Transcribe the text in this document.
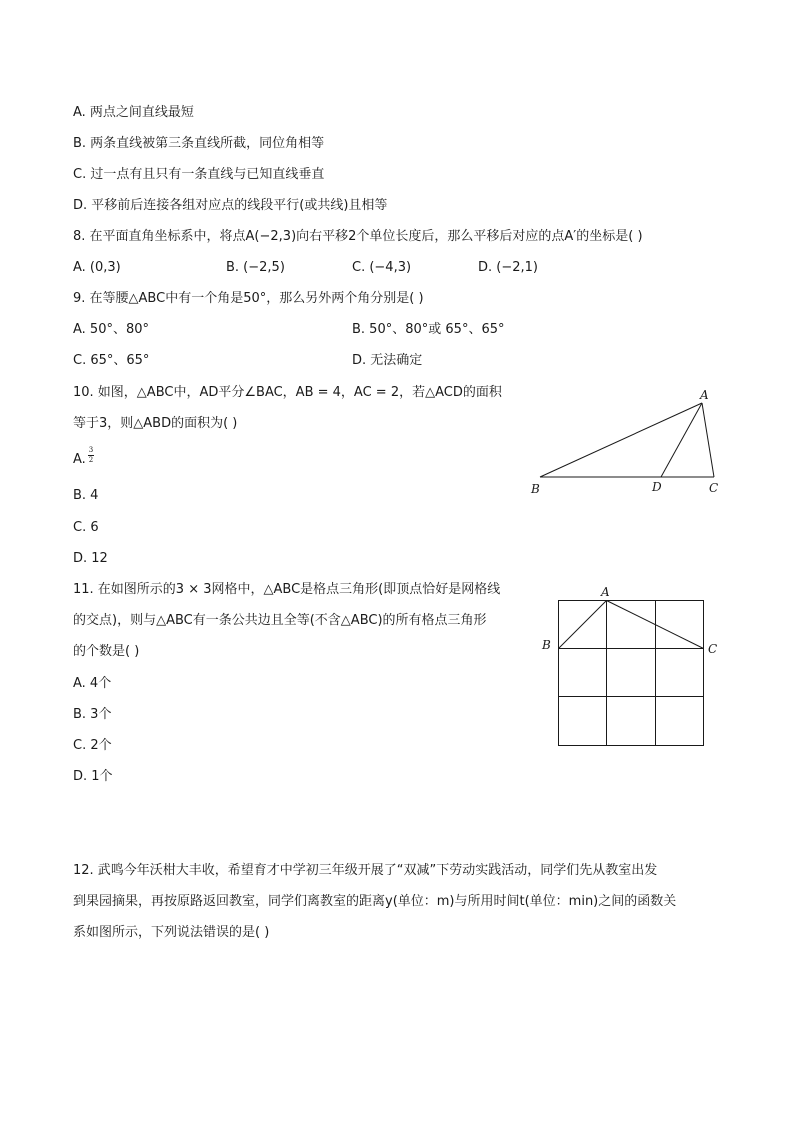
A. 两点之间直线最短
B. 两条直线被第三条直线所截，同位角相等
C. 过一点有且只有一条直线与已知直线垂直
D. 平移前后连接各组对应点的线段平行(或共线)且相等
8. 在平面直角坐标系中，将点A(−2,3)向右平移2个单位长度后，那么平移后对应的点A′的坐标是( )
A. (0,3)	B. (−2,5)	C. (−4,3)	D. (−2,1)
9. 在等腰△ABC中有一个角是50°，那么另外两个角分别是( )
A. 50°、80°	B. 50°、80°或 65°、65°
C. 65°、65°	D. 无法确定
10. 如图，△ABC中，AD平分∠BAC，AB = 4，AC = 2，若△ACD的面积
等于3，则△ABD的面积为( )
A.
3
2
B. 4
C. 6
D. 12
A
B	D	C
11. 在如图所示的3 × 3网格中，△ABC是格点三角形(即顶点恰好是网格线
的交点)，则与△ABC有一条公共边且全等(不含△ABC)的所有格点三角形
的个数是( )
A. 4个
B. 3个
C. 2个
D. 1个
A
B	C
12. 武鸣今年沃柑大丰收，希望育才中学初三年级开展了“双减”下劳动实践活动，同学们先从教室出发
到果园摘果，再按原路返回教室，同学们离教室的距离y(单位：m)与所用时间t(单位：min)之间的函数关
系如图所示，下列说法错误的是( )
